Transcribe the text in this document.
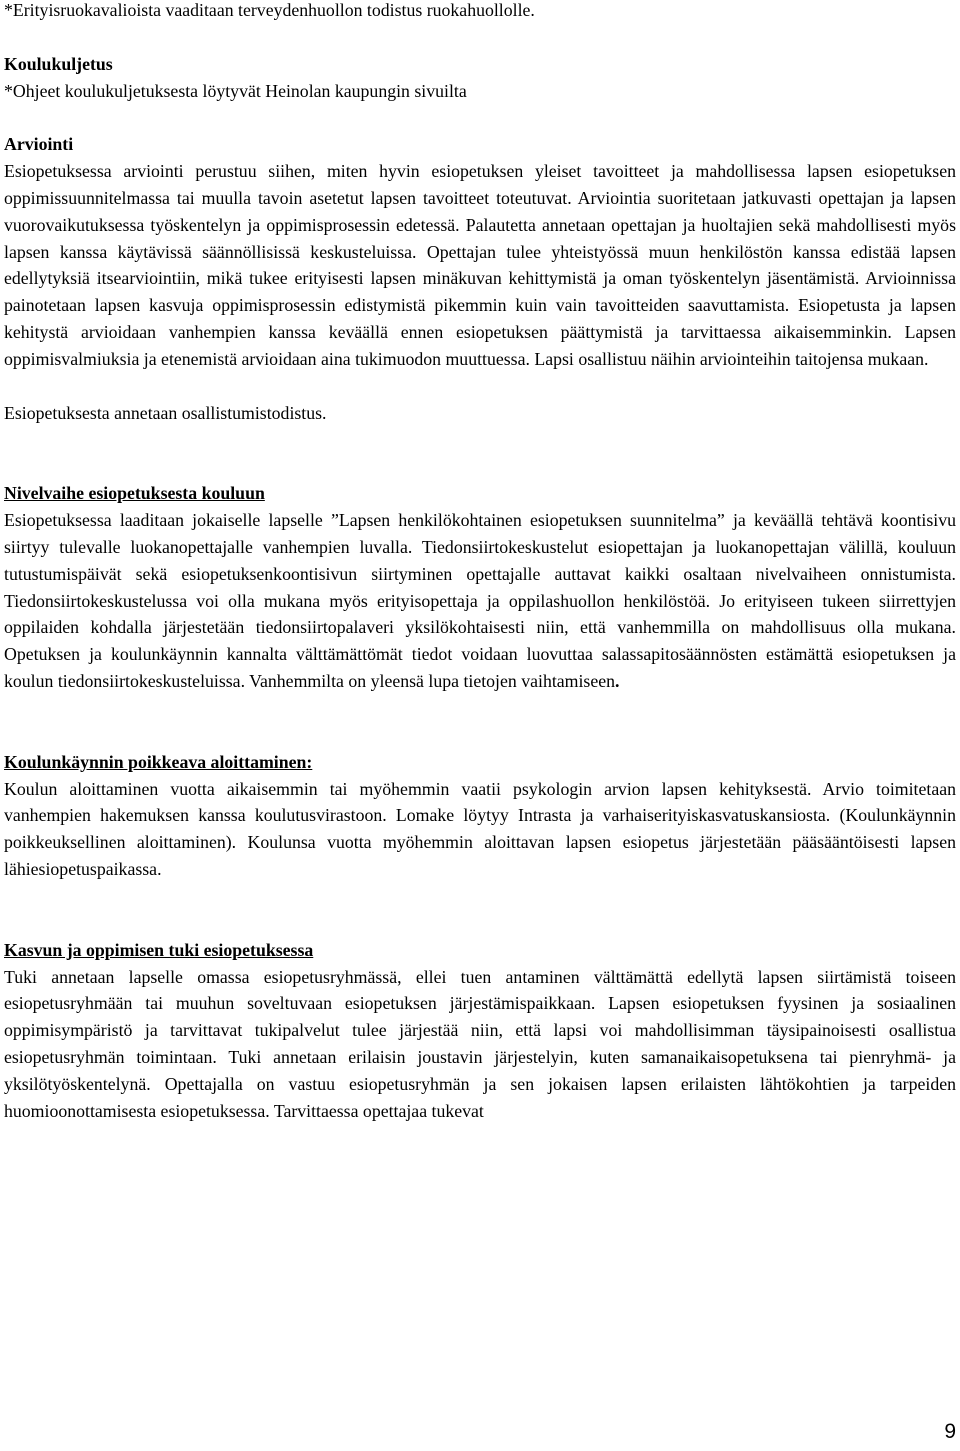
*Erityisruokavalioista vaaditaan terveydenhuollon todistus ruokahuollolle.

Koulukuljetus

*Ohjeet koulukuljetuksesta löytyvät Heinolan kaupungin sivuilta

Arviointi

Esiopetuksessa arviointi perustuu siihen, miten hyvin esiopetuksen yleiset tavoitteet ja mahdollisessa lapsen esiopetuksen oppimissuunnitelmassa tai muulla tavoin asetetut lapsen tavoitteet toteutuvat. Arviointia suoritetaan jatkuvasti opettajan ja lapsen vuorovaikutuksessa työskentelyn ja oppimisprosessin edetessä. Palautetta annetaan opettajan ja huoltajien sekä mahdollisesti myös lapsen kanssa käytävissä säännöllisissä keskusteluissa. Opettajan tulee yhteistyössä muun henkilöstön kanssa edistää lapsen edellytyksiä itsearviointiin, mikä tukee erityisesti lapsen minäkuvan kehittymistä ja oman työskentelyn jäsentämistä. Arvioinnissa painotetaan lapsen kasvuja oppimisprosessin edistymistä pikemmin kuin vain tavoitteiden saavuttamista. Esiopetusta ja lapsen kehitystä arvioidaan vanhempien kanssa keväällä ennen esiopetuksen päättymistä ja tarvittaessa aikaisemminkin. Lapsen oppimisvalmiuksia ja etenemistä arvioidaan aina tukimuodon muuttuessa. Lapsi osallistuu näihin arviointeihin taitojensa mukaan.

Esiopetuksesta annetaan osallistumistodistus.

Nivelvaihe esiopetuksesta kouluun

Esiopetuksessa laaditaan jokaiselle lapselle ”Lapsen henkilökohtainen esiopetuksen suunnitelma” ja keväällä tehtävä koontisivu siirtyy tulevalle luokanopettajalle vanhempien luvalla. Tiedonsiirtokeskustelut esiopettajan ja luokanopettajan välillä, kouluun tutustumispäivät sekä esiopetuksenkoontisivun siirtyminen opettajalle auttavat kaikki osaltaan nivelvaiheen onnistumista. Tiedonsiirtokeskustelussa voi olla mukana myös erityisopettaja ja oppilashuollon henkilöstöä. Jo erityiseen tukeen siirrettyjen oppilaiden kohdalla järjestetään tiedonsiirtopalaveri yksilökohtaisesti niin, että vanhemmilla on mahdollisuus olla mukana. Opetuksen ja koulunkäynnin kannalta välttämättömät tiedot voidaan luovuttaa salassapitosäännösten estämättä esiopetuksen ja koulun tiedonsiirtokeskusteluissa. Vanhemmilta on yleensä lupa tietojen vaihtamiseen.

Koulunkäynnin poikkeava aloittaminen:

Koulun aloittaminen vuotta aikaisemmin tai myöhemmin vaatii psykologin arvion lapsen kehityksestä. Arvio toimitetaan vanhempien hakemuksen kanssa koulutusvirastoon. Lomake löytyy Intrasta ja varhaiserityiskasvatuskansiosta. (Koulunkäynnin poikkeuksellinen aloittaminen). Koulunsa vuotta myöhemmin aloittavan lapsen esiopetus järjestetään pääsääntöisesti lapsen lähiesiopetuspaikassa.

Kasvun ja oppimisen tuki esiopetuksessa

Tuki annetaan lapselle omassa esiopetusryhmässä, ellei tuen antaminen välttämättä edellytä lapsen siirtämistä toiseen esiopetusryhmään tai muuhun soveltuvaan esiopetuksen järjestämispaikkaan. Lapsen esiopetuksen fyysinen ja sosiaalinen oppimisympäristö ja tarvittavat tukipalvelut tulee järjestää niin, että lapsi voi mahdollisimman täysipainoisesti osallistua esiopetusryhmän toimintaan. Tuki annetaan erilaisin joustavin järjestelyin, kuten samanaikaisopetuksena tai pienryhmä- ja yksilötyöskentelynä. Opettajalla on vastuu esiopetusryhmän ja sen jokaisen lapsen erilaisten lähtökohtien ja tarpeiden huomioonottamisesta esiopetuksessa. Tarvittaessa opettajaa tukevat

9
